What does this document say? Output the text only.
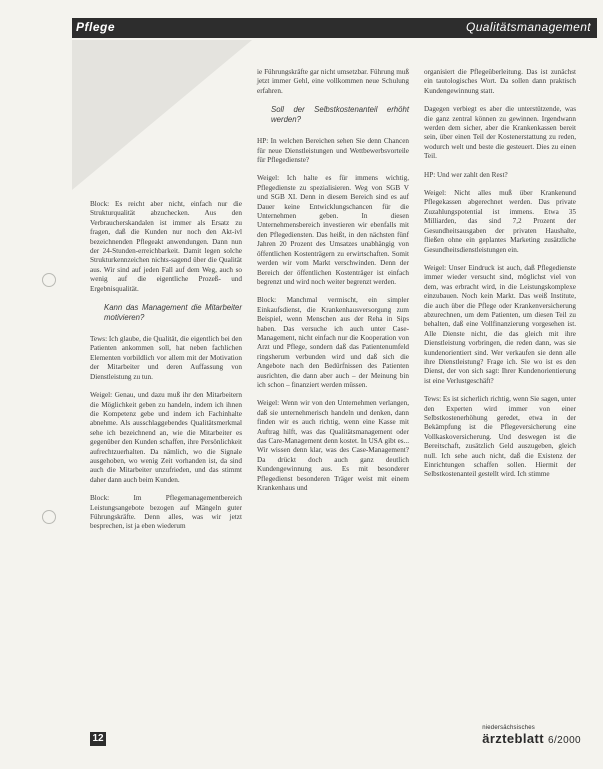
Pflege	Qualitätsmanagement

Block: Es reicht aber nicht, einfach nur die Strukturqualität abzuchecken. Aus den Verbraucherskandalen ist immer als Ersatz zu fragen, daß die Kunden nur noch den Akt-ivl bezeichnenden Pflegeakt anwendungen. Dann nun der 24-Stunden-erreichbarkeit. Damit legen solche Strukturkennzeichen nichts-sagend über die Qualität aus. Wir sind auf jeden Fall auf dem Weg, auch so wenig auf die eigentliche Prozeß- und Ergebnisqualität.

Kann das Management die Mitarbeiter motivieren?

Tews: Ich glaube, die Qualität, die eigentlich bei den Patienten ankommen soll, hat neben fachlichen Elementen vorbildlich vor allem mit der Motivation der Mitarbeiter und deren Auffassung von Dienstleistung zu tun.

Weigel: Genau, und dazu muß ihr den Mitarbeitern die Möglichkeit geben zu handeln, indem ich ihnen die Kompetenz gebe und indem ich Fachinhalte abnehme. Als ausschlaggebendes Qualitätsmerkmal sehe ich bezeichnend an, wie die Mitarbeiter es gegenüber den Kunden schaffen, ihre Persönlichkeit aufrechtzuerhalten. Da nämlich, wo die Signale ausgehoben, wo wenig Zeit vorhanden ist, da sind auch die Mitarbeiter unzufrieden, und das stimmt daher dann auch beim Kunden.

Block: Im Pflegemanagementbereich Leistungsangebote bezogen auf Mängeln guter Führungskräfte. Denn alles, was wir jetzt besprechen, ist ja eben wiederum

ie Führungskräfte gar nicht umsetzbar. Führung muß jetzt immer Gehl, eine vollkommen neue Schulung erfahren.

Soll der Selbstkostenanteil erhöht werden?

HP: In welchen Bereichen sehen Sie denn Chancen für neue Dienstleistungen und Wettbewerbsvorteile für Pflegedienste?

Weigel: Ich halte es für immens wichtig, Pflegedienste zu spezialisieren. Weg von SGB V und SGB XI. Denn in diesem Bereich sind es auf Dauer keine Entwicklungschancen für die Unternehmen geben. In diesen Unternehmensbereich investieren wir ebenfalls mit den Pflegediensten. Das heißt, in den nächsten fünf Jahren 20 Prozent des Umsatzes unabhängig von öffentlichen Kostenträgern zu erwirtschaften. Somit werden wir vom Markt verschwinden. Denn der Bereich der öffentlichen Kostenträger ist einfach begrenzt und wird noch weiter begrenzt werden.

Block: Manchmal vermischt, ein simpler Einkaufsdienst, die Krankenhausversorgung zum Beispiel, wenn Menschen aus der Reha in Sips haben. Das versuche ich auch unter Case-Management, nicht einfach nur die Kooperation von Arzt und Pflege, sondern daß das Patientenumfeld ringsherum verbunden wird und daß sich die Angebote nach den Bedürfnissen des Patienten ausrichten, die dann aber auch – der Meinung bin ich schon – finanziert werden müssen.

Weigel: Wenn wir von den Unternehmen verlangen, daß sie unternehmerisch handeln und denken, dann finden wir es auch richtig, wenn eine Kasse mit Auftrag hilft, was das Qualitätsmanagement oder das Care-Management denn kostet. In USA gibt es... Wir wissen denn klar, was des Case-Management? Da drückt doch auch ganz deutlich Kundengewinnung aus. Es mit besonderer Pflegedienst besonderen Träger weist mit einem Krankenhaus und

organisiert die Pflegeüberleitung. Das ist zunächst ein tautologisches Wort. Da sollen dann praktisch Kundengewinnung statt.

Dagegen verbiegt es aber die unterstützende, was die ganz zentral können zu gewinnen. Irgendwann werden dem sicher, aber die Krankenkassen bereit sein, über einen Teil der Kostenerstattung zu reden, wodurch welt und beste die gesteuert. Dies zu einen Teil.

HP: Und wer zahlt den Rest?

Weigel: Nicht alles muß über Krankenund Pflegekassen abgerechnet werden. Das private Zuzahlungspotential ist immens. Etwa 35 Milliarden, das sind 7,2 Prozent der Gesundheitsausgaben der privaten Haushalte, fließen ohne ein geplantes Marketing zusätzliche Gesundheitsdienstleistungen ein.

Weigel: Unser Eindruck ist auch, daß Pflegedienste immer wieder versucht sind, möglichst viel von dem, was erbracht wird, in die Leistungskomplexe einzubauen. Noch kein Markt. Das weiß Institute, die auch über die Pflege oder Krankenversicherung abzurechnen, um dem Patienten, um diesen Teil zu behalten, daß eine Vollfinanzierung vorgesehen ist. Alle Dienste nicht, die das gleich mit ihre Dienstleistung vorbringen, die reden dann, was sie kundenorientiert sind. Wer verkaufen sie denn alle ihre Dienstleistung? Frage ich. Sie wo ist es den Dienst, der von sich sagt: Ihrer Kundenorientierung ist eine Verlustgeschäft?

Tews: Es ist sicherlich richtig, wenn Sie sagen, unter den Experten wird immer von einer Selbstkostenerhöhung geredet, etwa in der Bekämpfung ist die Pflegeversicherung eine Vollkaskoversicherung. Und deswegen ist die Bereitschaft, zusätzlich Geld auszugeben, gleich null. Ich sehe auch nicht, daß die Existenz der Einrichtungen schaffen sollen. Hiermit der Selbstkostenanteil gestellt wird. Ich stimme

12
niedersächsisches
ärzteblatt 6/2000
